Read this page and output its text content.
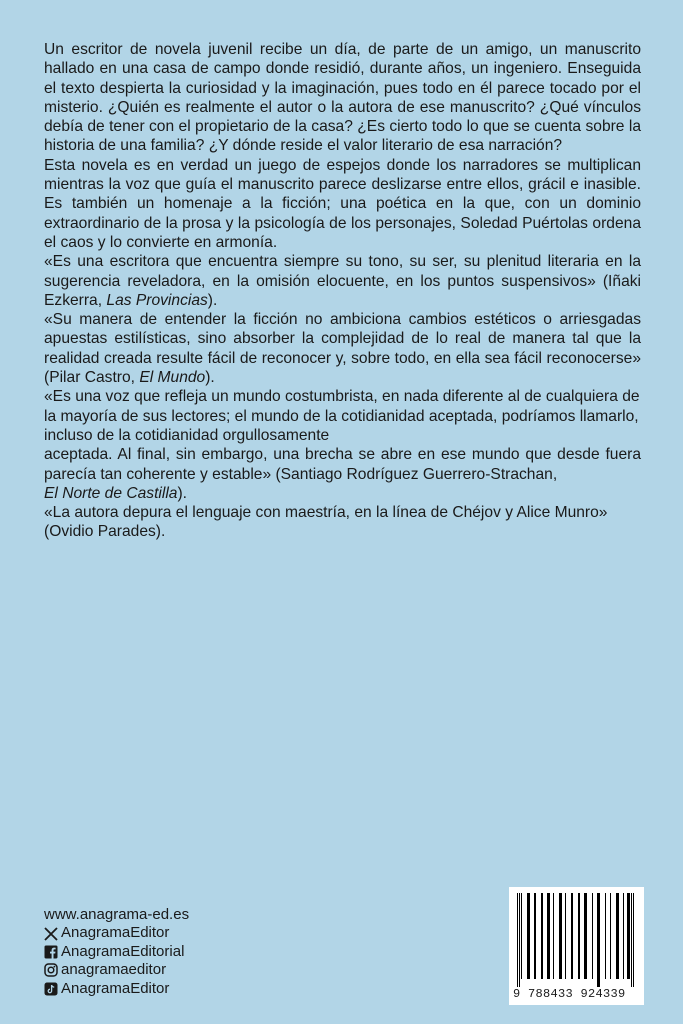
Un escritor de novela juvenil recibe un día, de parte de un amigo, un manuscrito hallado en una casa de campo donde residió, durante años, un ingeniero. Enseguida el texto despierta la curiosidad y la imaginación, pues todo en él parece tocado por el misterio. ¿Quién es realmente el autor o la autora de ese manuscrito? ¿Qué vínculos debía de tener con el propietario de la casa? ¿Es cierto todo lo que se cuenta sobre la historia de una familia? ¿Y dónde reside el valor literario de esa narración?

Esta novela es en verdad un juego de espejos donde los narradores se multiplican mientras la voz que guía el manuscrito parece deslizarse entre ellos, grácil e inasible. Es también un homenaje a la ficción; una poética en la que, con un dominio extraordinario de la prosa y la psicología de los personajes, Soledad Puértolas ordena el caos y lo convierte en armonía.

«Es una escritora que encuentra siempre su tono, su ser, su plenitud literaria en la sugerencia reveladora, en la omisión elocuente, en los puntos suspensivos» (Iñaki Ezkerra, Las Provincias).

«Su manera de entender la ficción no ambiciona cambios estéticos o arriesgadas apuestas estilísticas, sino absorber la complejidad de lo real de manera tal que la realidad creada resulte fácil de reconocer y, sobre todo, en ella sea fácil reconocerse» (Pilar Castro, El Mundo).

«Es una voz que refleja un mundo costumbrista, en nada diferente al de cualquiera de la mayoría de sus lectores; el mundo de la cotidianidad aceptada, podríamos llamarlo, incluso de la cotidianidad orgullosamente

aceptada. Al final, sin embargo, una brecha se abre en ese mundo que desde fuera parecía tan coherente y estable» (Santiago Rodríguez Guerrero-Strachan,
El Norte de Castilla).

«La autora depura el lenguaje con maestría, en la línea de Chéjov y Alice Munro» (Ovidio Parades).

www.anagrama-ed.es
AnagramaEditor
AnagramaEditorial
anagramaeditor
AnagramaEditor	9 788433 924339
